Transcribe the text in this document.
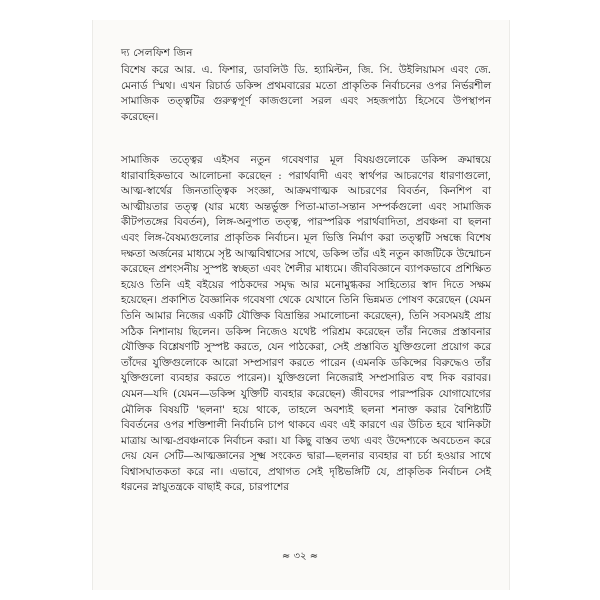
দ্য সেলফিশ জিন

বিশেষ করে আর. এ. ফিশার, ডাবলিউ ডি. হ্যামিল্টন, জি. সি. উইলিয়ামস এবং জে. মেনার্ড স্মিথ। এখন রিচার্ড ডকিন্স প্রথমবারের মতো প্রাকৃতিক নির্বাচনের ওপর নির্ভরশীল সামাজিক তত্ত্বটির গুরুত্বপূর্ণ কাজগুলো সরল এবং সহজপাঠ্য হিসেবে উপস্থাপন করেছেন।

সামাজিক তত্ত্বের এইসব নতুন গবেষণার মূল বিষয়গুলোকে ডকিন্স ক্রমান্বয়ে ধারাবাহিকভাবে আলোচনা করেছেন : পরার্থবাদী এবং স্বার্থপর আচরণের ধারণাগুলো, আত্ম-স্বার্থের জিনতাত্ত্বিক সংজ্ঞা, আক্রমণাত্মক আচরণের বিবর্তন, কিনশিপ বা আত্মীয়তার তত্ত্ব (যার মধ্যে অন্তর্ভুক্ত পিতা-মাতা-সন্তান সম্পর্কগুলো এবং সামাজিক কীটপতঙ্গের বিবর্তন), লিঙ্গ-অনুপাত তত্ত্ব, পারস্পরিক পরার্থবাদিতা, প্রবঞ্চনা বা ছলনা এবং লিঙ্গ-বৈষম্যগুলোর প্রাকৃতিক নির্বাচন। মূল ভিত্তি নির্মাণ করা তত্ত্বটি সম্বন্ধে বিশেষ দক্ষতা অর্জনের মাধ্যমে সৃষ্ট আত্মবিশ্বাসের সাথে, ডকিন্স তাঁর এই নতুন কাজটিকে উন্মোচন করেছেন প্রশংসনীয় সুস্পষ্ট স্বচ্ছতা এবং শৈলীর মাধ্যমে। জীববিজ্ঞানে ব্যাপকভাবে প্রশিক্ষিত হয়েও তিনি এই বইয়ের পাঠকদের সমৃদ্ধ আর মনোমুগ্ধকর সাহিত্যের স্বাদ দিতে সক্ষম হয়েছেন। প্রকাশিত বৈজ্ঞানিক গবেষণা থেকে যেখানে তিনি ভিন্নমত পোষণ করেছেন (যেমন তিনি আমার নিজের একটি যৌক্তিক বিভ্রান্তির সমালোচনা করেছেন), তিনি সবসময়ই প্রায় সঠিক নিশানায় ছিলেন। ডকিন্স নিজেও যথেষ্ট পরিশ্রম করেছেন তাঁর নিজের প্রস্তাবনার যৌক্তিক বিশ্লেষণটি সুস্পষ্ট করতে, যেন পাঠকেরা, সেই প্রস্তাবিত যুক্তিগুলো প্রয়োগ করে তাঁদের যুক্তিগুলোকে আরো সম্প্রসারণ করতে পারেন (এমনকি ডকিন্সের বিরুদ্ধেও তাঁর যুক্তিগুলো ব্যবহার করতে পারেন)। যুক্তিগুলো নিজেরাই সম্প্রসারিত বহু দিক বরাবর। যেমন—যদি (যেমন—ডকিন্স যুক্তিটি ব্যবহার করেছেন) জীবদের পারস্পরিক যোগাযোগের মৌলিক বিষয়টি 'ছলনা' হয়ে থাকে, তাহলে অবশ্যই ছলনা শনাক্ত করার বৈশিষ্ট্যটি বিবর্তনের ওপর শক্তিশালী নির্বাচনি চাপ থাকবে এবং এই কারণে এর উচিত হবে খানিকটা মাত্রায় আত্ম-প্রবঞ্চনাকে নির্বাচন করা। যা কিছু বাস্তব তথ্য এবং উদ্দেশ্যকে অবচেতন করে দেয় যেন সেটি—আত্মজ্ঞানের সূক্ষ্ম সংকেত দ্বারা—ছলনার ব্যবহার বা চর্চা হওয়ার সাথে বিশ্বাসঘাতকতা করে না। এভাবে, প্রথাগত সেই দৃষ্টিভঙ্গিটি যে, প্রাকৃতিক নির্বাচন সেই ধরনের স্নায়ুতন্ত্রকে বাছাই করে, চারপাশের

≈ ৩২ ≈
